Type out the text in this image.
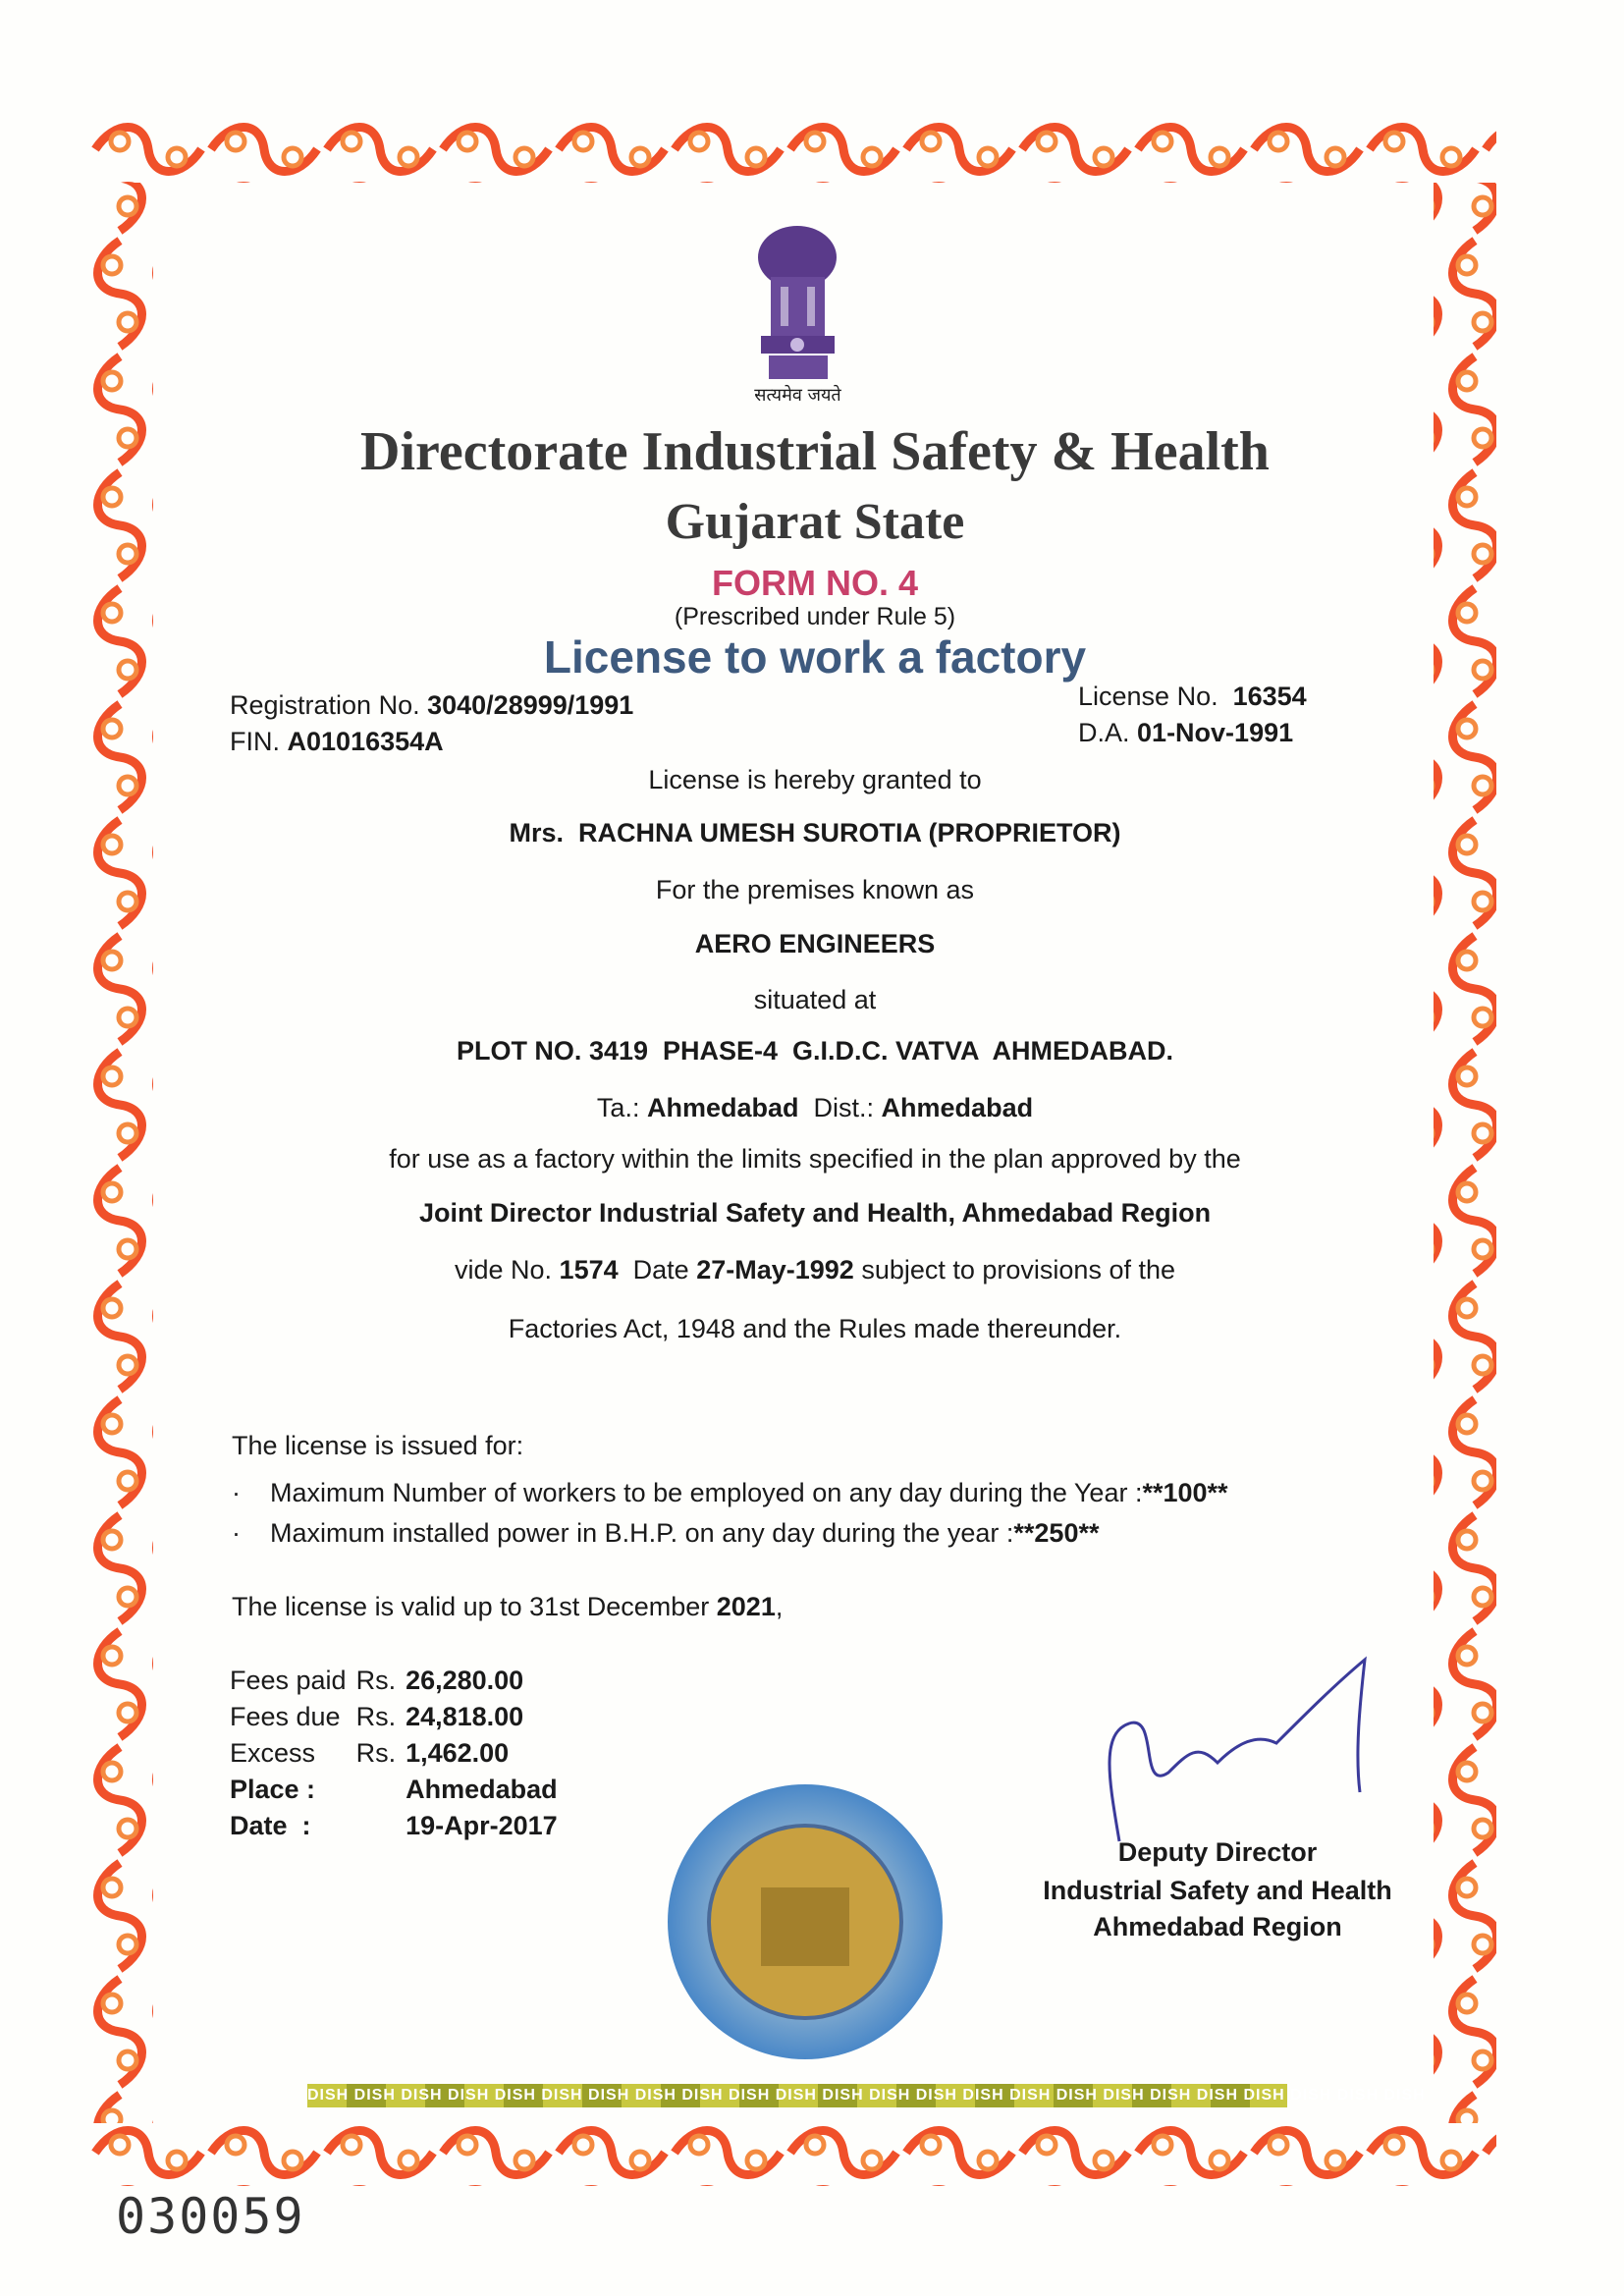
सत्यमेव जयते
Directorate Industrial Safety & Health
Gujarat State
FORM NO. 4
(Prescribed under Rule 5)
License to work a factory
Registration No. 3040/28999/1991
FIN. A01016354A
License No. 16354
D.A. 01-Nov-1991
License is hereby granted to
Mrs. RACHNA UMESH SUROTIA (PROPRIETOR)
For the premises known as
AERO ENGINEERS
situated at
PLOT NO. 3419  PHASE-4  G.I.D.C. VATVA  AHMEDABAD.
Ta.: Ahmedabad Dist.: Ahmedabad
for use as a factory within the limits specified in the plan approved by the
Joint Director Industrial Safety and Health, Ahmedabad Region
vide No. 1574 Date 27-May-1992 subject to provisions of the
Factories Act, 1948 and the Rules made thereunder.
The license is issued for:
·    Maximum Number of workers to be employed on any day during the Year :**100**
·    Maximum installed power in B.H.P. on any day during the year :**250**
The license is valid up to 31st December 2021,
Fees paid	Rs.	26,280.00
Fees due	Rs.	24,818.00
Excess	Rs.	1,462.00
Place :		Ahmedabad
Date  :		19-Apr-2017
Deputy Director
Industrial Safety and Health
Ahmedabad Region
DISH DISH DISH DISH DISH DISH DISH DISH DISH DISH DISH DISH DISH DISH DISH DISH DISH DISH DISH DISH DISH DISH DISH DISH
030059
